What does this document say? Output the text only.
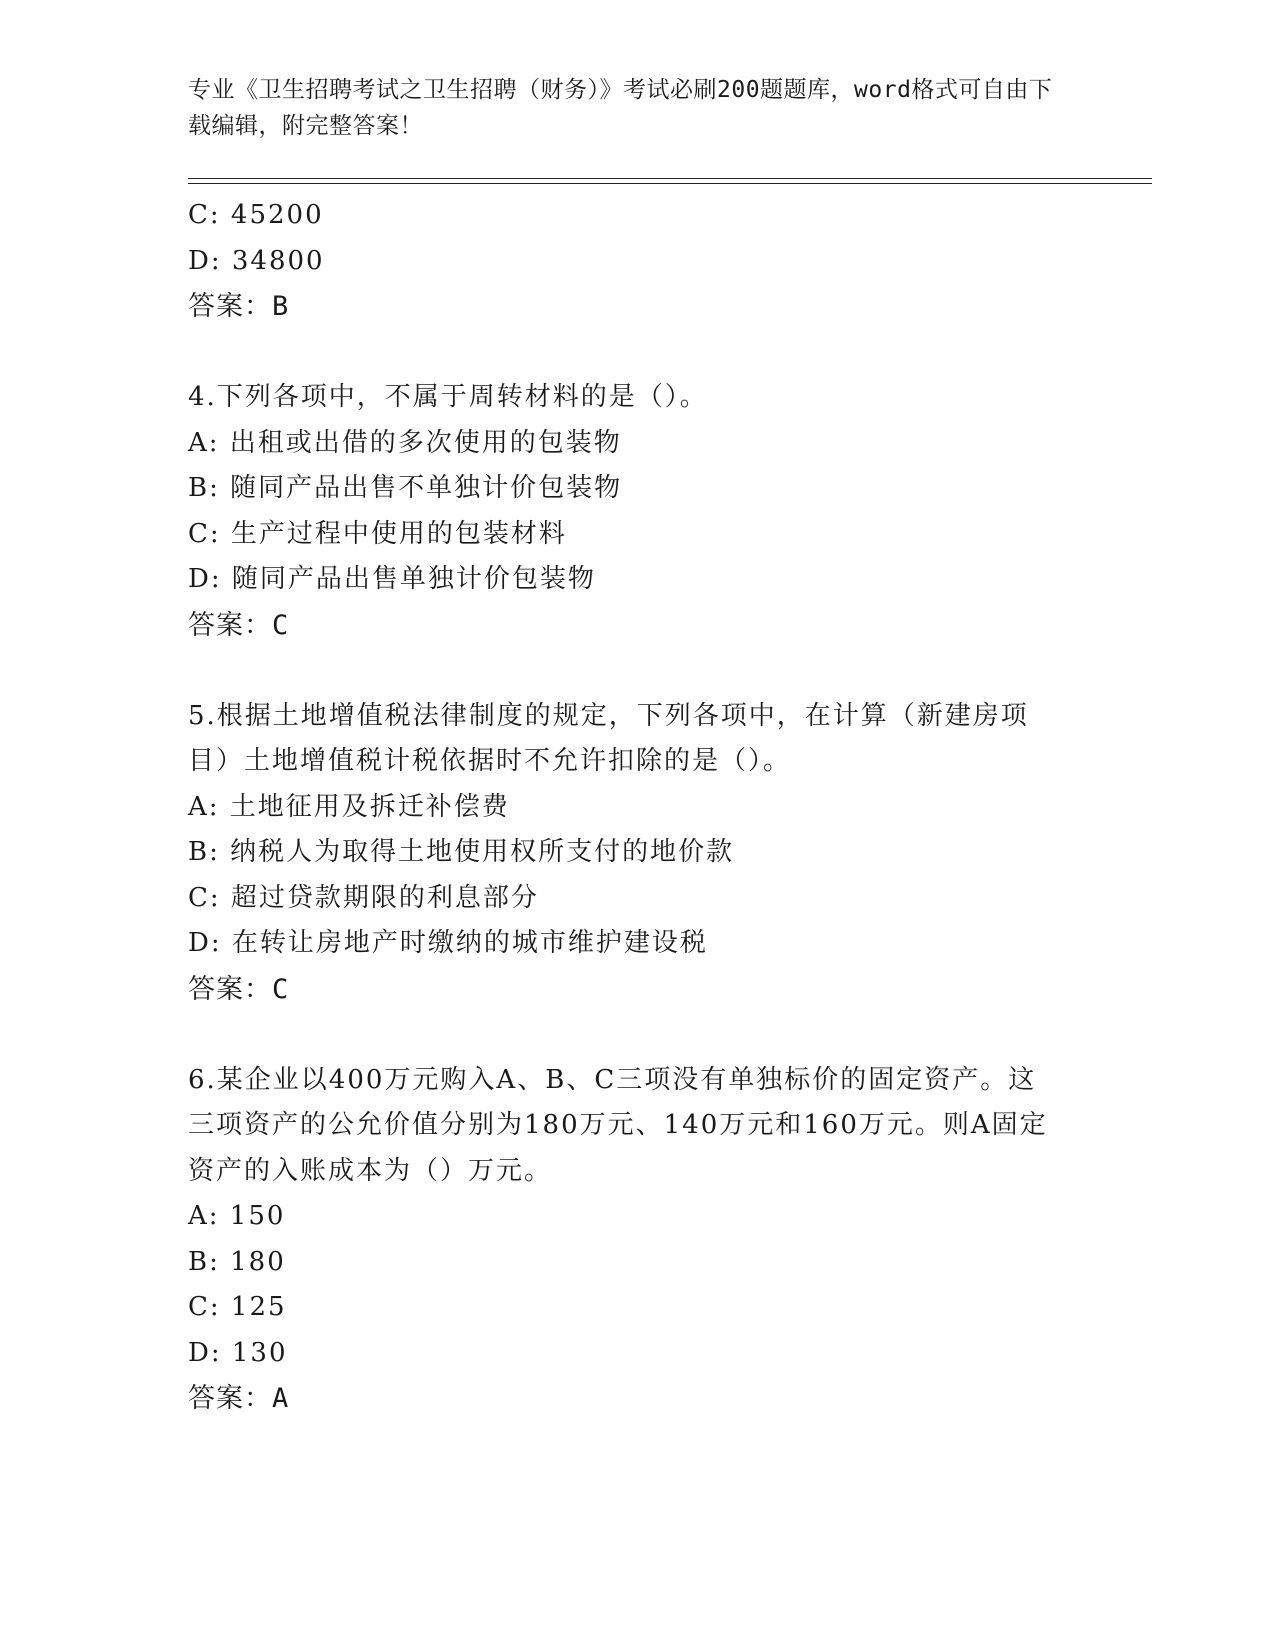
专业《卫生招聘考试之卫生招聘（财务）》考试必刷200题题库，word格式可自由下载编辑，附完整答案！
C: 45200
D: 34800
答案：B
4.下列各项中，不属于周转材料的是（）。
A: 出租或出借的多次使用的包装物
B: 随同产品出售不单独计价包装物
C: 生产过程中使用的包装材料
D: 随同产品出售单独计价包装物
答案：C
5.根据土地增值税法律制度的规定，下列各项中，在计算（新建房项
目）土地增值税计税依据时不允许扣除的是（）。
A: 土地征用及拆迁补偿费
B: 纳税人为取得土地使用权所支付的地价款
C: 超过贷款期限的利息部分
D: 在转让房地产时缴纳的城市维护建设税
答案：C
6.某企业以400万元购入A、B、C三项没有单独标价的固定资产。这
三项资产的公允价值分别为180万元、140万元和160万元。则A固定
资产的入账成本为（）万元。
A: 150
B: 180
C: 125
D: 130
答案：A
